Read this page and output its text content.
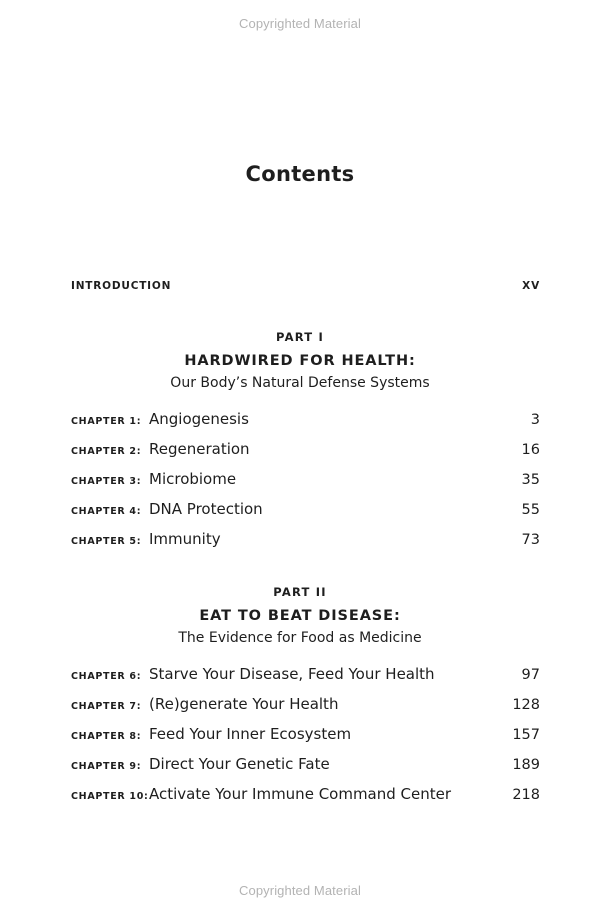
Copyrighted Material
Contents
INTRODUCTION	XV
PART I
HARDWIRED FOR HEALTH:
Our Body’s Natural Defense Systems
CHAPTER 1: Angiogenesis	3
CHAPTER 2: Regeneration	16
CHAPTER 3: Microbiome	35
CHAPTER 4: DNA Protection	55
CHAPTER 5: Immunity	73
PART II
EAT TO BEAT DISEASE:
The Evidence for Food as Medicine
CHAPTER 6: Starve Your Disease, Feed Your Health	97
CHAPTER 7: (Re)generate Your Health	128
CHAPTER 8: Feed Your Inner Ecosystem	157
CHAPTER 9: Direct Your Genetic Fate	189
CHAPTER 10: Activate Your Immune Command Center	218
Copyrighted Material
